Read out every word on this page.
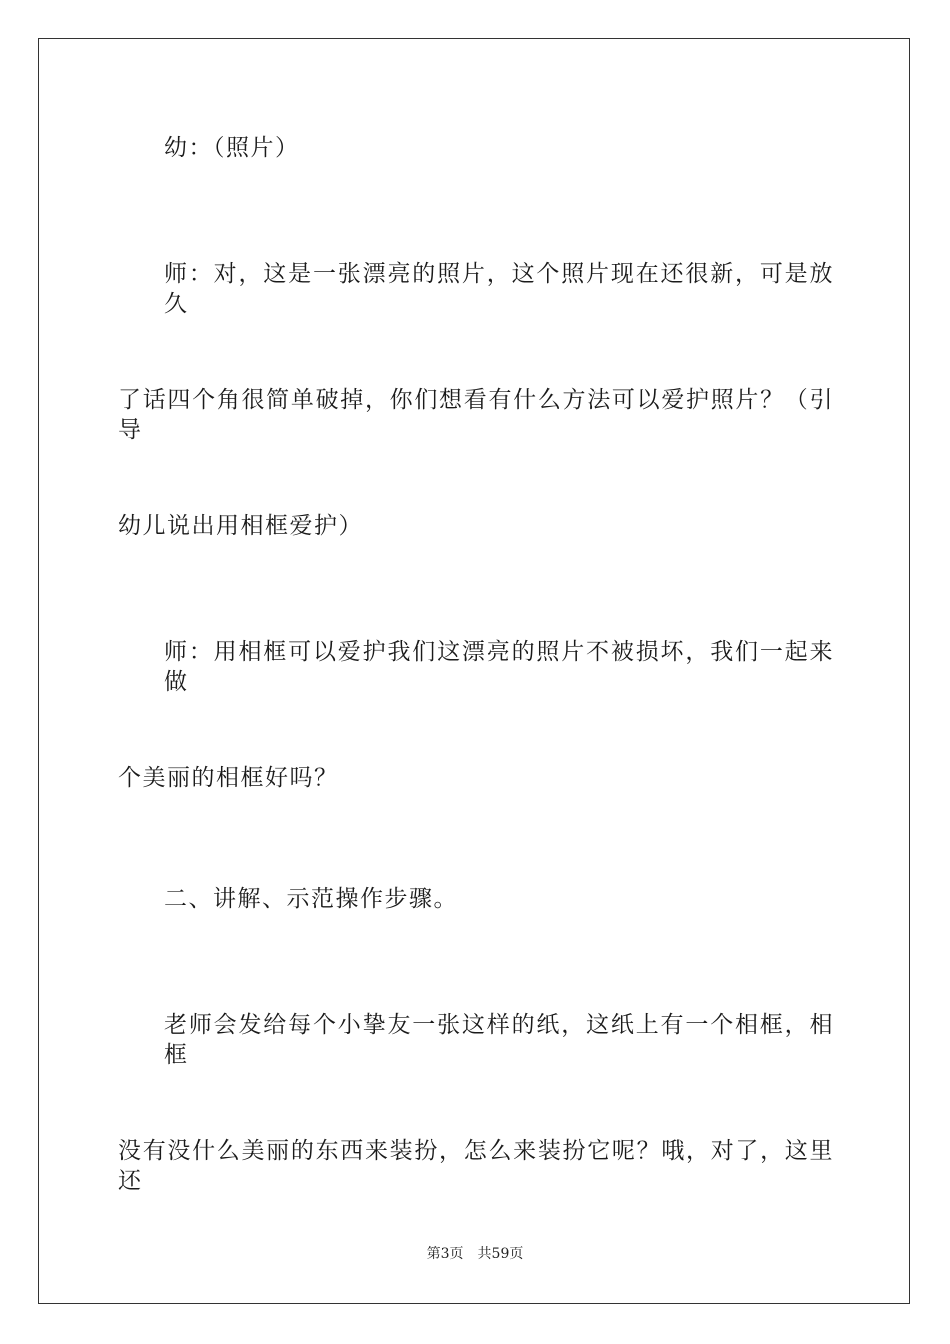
幼：（照片）
师：对，这是一张漂亮的照片，这个照片现在还很新，可是放久
了话四个角很简单破掉，你们想看有什么方法可以爱护照片？（引导
幼儿说出用相框爱护）
师：用相框可以爱护我们这漂亮的照片不被损坏，我们一起来做
个美丽的相框好吗？
二、讲解、示范操作步骤。
老师会发给每个小挚友一张这样的纸，这纸上有一个相框，相框
没有没什么美丽的东西来装扮，怎么来装扮它呢？哦，对了，这里还
第3页 共59页
